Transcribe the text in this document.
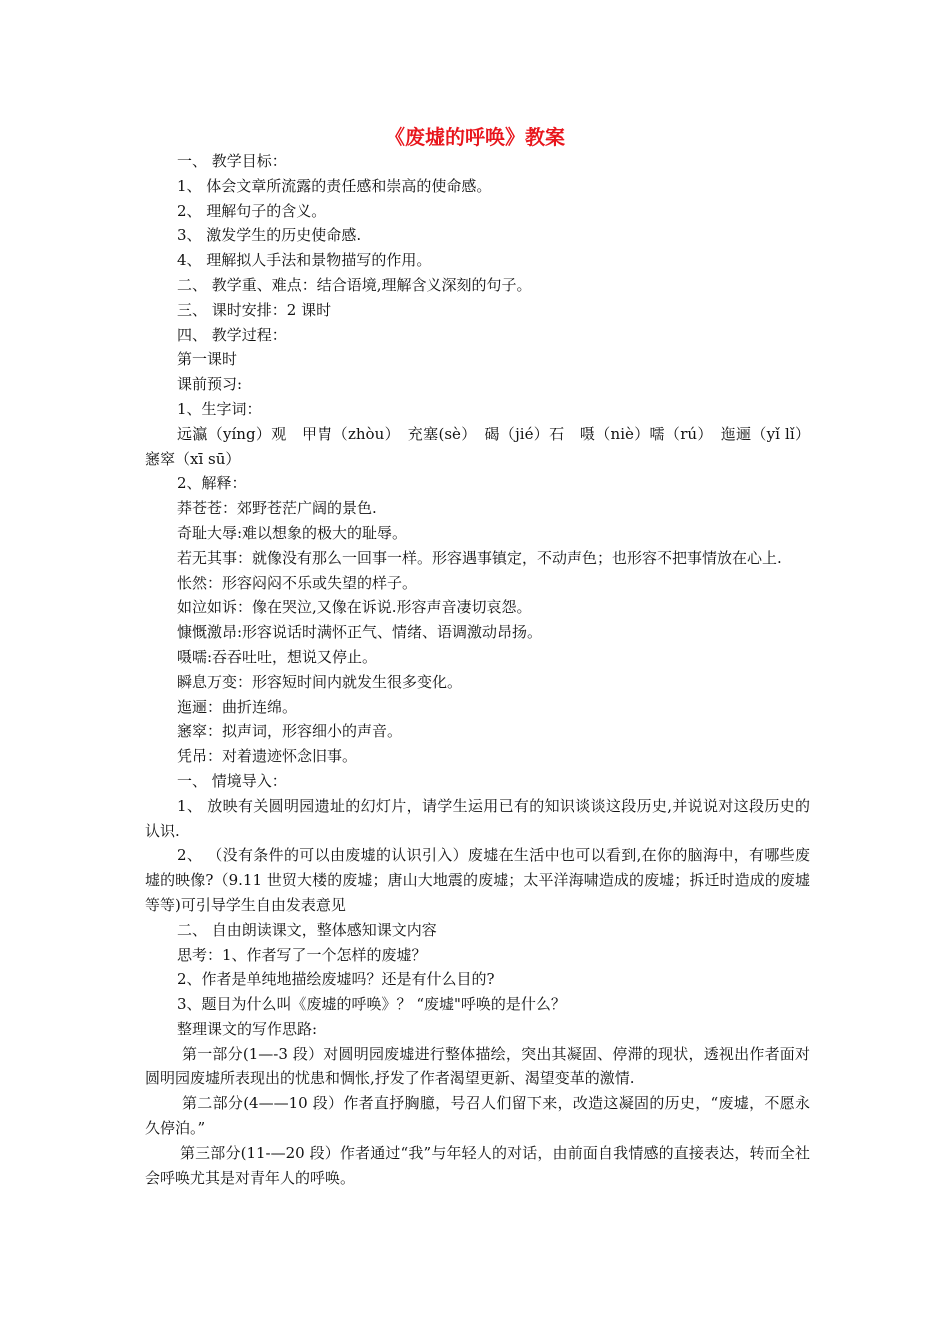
《废墟的呼唤》教案

一、 教学目标：

1、 体会文章所流露的责任感和崇高的使命感。

2、 理解句子的含义。

3、 激发学生的历史使命感.

4、 理解拟人手法和景物描写的作用。

二、 教学重、难点：结合语境,理解含义深刻的句子。

三、 课时安排：2 课时

四、 教学过程：

第一课时

课前预习:

1、生字词：

远瀛（yíng）观　甲胄（zhòu）　充塞(sè）　碣（jié）石　嗫（niè）嚅（rú）　迤逦（yǐ lǐ）窸窣（xī sū）

2、解释：

莽苍苍：郊野苍茫广阔的景色.

奇耻大辱:难以想象的极大的耻辱。

若无其事：就像没有那么一回事一样。形容遇事镇定，不动声色；也形容不把事情放在心上.

怅然：形容闷闷不乐或失望的样子。

如泣如诉：像在哭泣,又像在诉说.形容声音凄切哀怨。

慷慨激昂:形容说话时满怀正气、情绪、语调激动昂扬。

嗫嚅:吞吞吐吐，想说又停止。

瞬息万变：形容短时间内就发生很多变化。

迤逦：曲折连绵。

窸窣：拟声词，形容细小的声音。

凭吊：对着遗迹怀念旧事。

一、 情境导入：

1、 放映有关圆明园遗址的幻灯片，请学生运用已有的知识谈谈这段历史,并说说对这段历史的认识.

2、 （没有条件的可以由废墟的认识引入）废墟在生活中也可以看到,在你的脑海中，有哪些废墟的映像?（9.11 世贸大楼的废墟；唐山大地震的废墟；太平洋海啸造成的废墟；拆迁时造成的废墟等等)可引导学生自由发表意见

二、 自由朗读课文，整体感知课文内容

思考：1、作者写了一个怎样的废墟？

2、作者是单纯地描绘废墟吗？还是有什么目的?

3、题目为什么叫《废墟的呼唤》？ “废墟"呼唤的是什么？

整理课文的写作思路:

第一部分(1—-3 段）对圆明园废墟进行整体描绘，突出其凝固、停滞的现状，透视出作者面对圆明园废墟所表现出的忧患和惆怅,抒发了作者渴望更新、渴望变革的激情.

第二部分(4——10 段）作者直抒胸臆，号召人们留下来，改造这凝固的历史，“废墟，不愿永久停泊。”

第三部分(11-—20 段）作者通过“我”与年轻人的对话，由前面自我情感的直接表达，转而全社会呼唤尤其是对青年人的呼唤。
